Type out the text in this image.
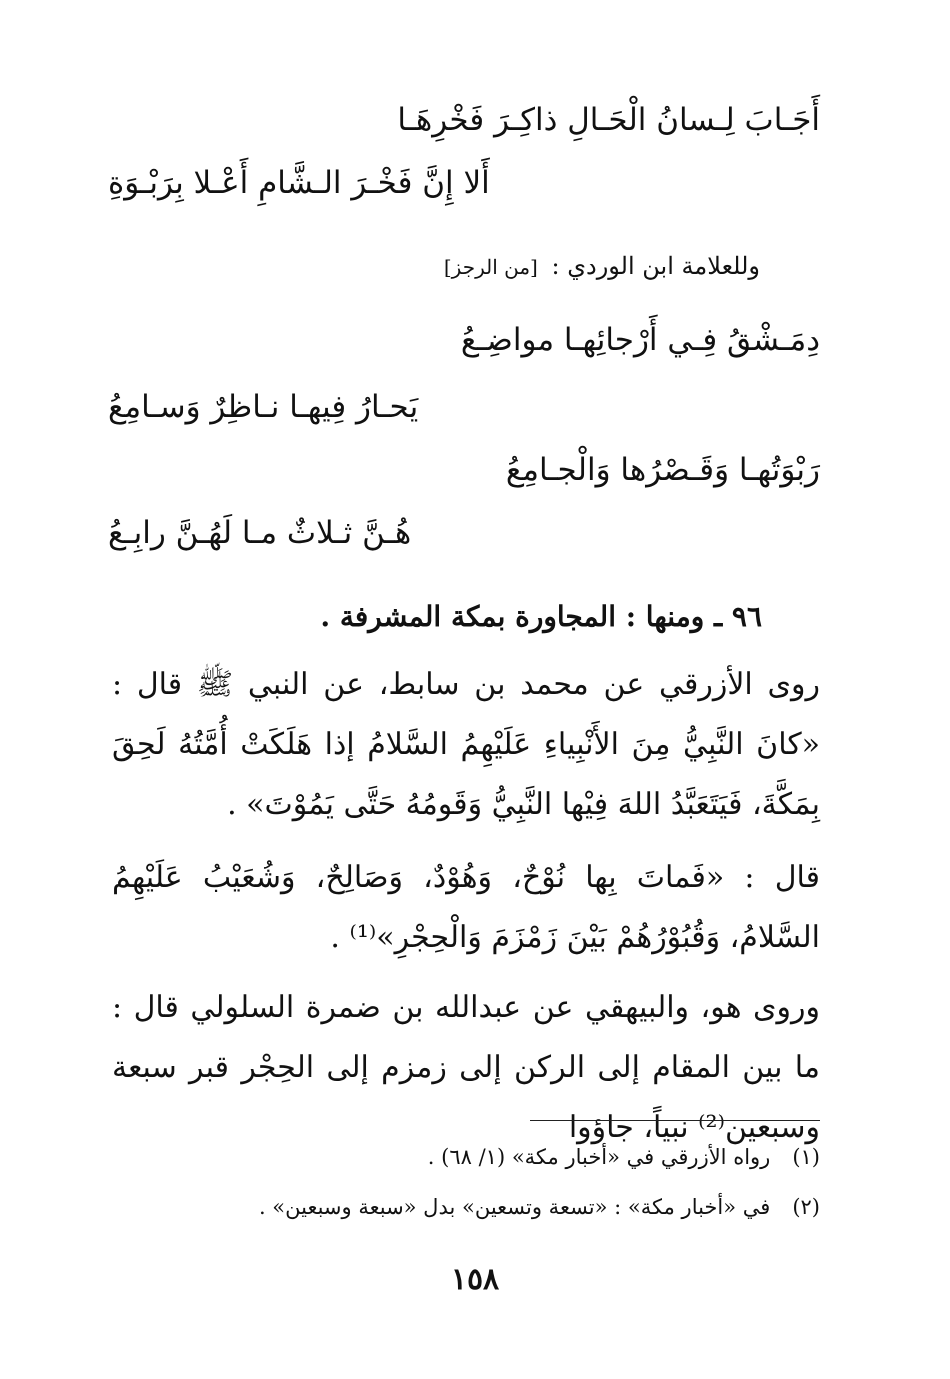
أَجَـابَ لِـسانُ الْحَـالِ ذاكِـرَ فَخْرِهَـا
أَلا إِنَّ فَخْـرَ الـشَّامِ أَعْـلا بِرَبْـوَةِ
وللعلامة ابن الوردي : [من الرجز]
دِمَـشْقُ فِـي أَرْجائِهـا مواضِـعُ
يَحـارُ فِيهـا نـاظِرٌ وَسـامِعُ
رَبْوَتُهـا وَقَـصْرُها وَالْجـامِعُ
هُـنَّ ثـلاثٌ مـا لَهُـنَّ رابِـعُ
٩٦ ـ ومنها : المجاورة بمكة المشرفة .
روى الأزرقي عن محمد بن سابط، عن النبي ﷺ قال : «كانَ النَّبِيُّ مِنَ الأَنْبِياءِ عَلَيْهِمُ السَّلامُ إذا هَلَكَتْ أُمَّتُهُ لَحِقَ بِمَكَّةَ، فَيَتَعَبَّدُ اللهَ فِيْها النَّبِيُّ وَقَومُهُ حَتَّى يَمُوْتَ» .
قال : «فَماتَ بِها نُوْحٌ، وَهُوْدٌ، وَصَالِحٌ، وَشُعَيْبُ عَلَيْهِمُ السَّلامُ، وَقُبُوْرُهُمْ بَيْنَ زَمْزَمَ وَالْحِجْرِ»⁽¹⁾ .
وروى هو، والبيهقي عن عبدالله بن ضمرة السلولي قال : ما بين المقام إلى الركن إلى زمزم إلى الحِجْر قبر سبعة وسبعين⁽²⁾ نبياً، جاؤوا
(١)رواه الأزرقي في «أخبار مكة» (١/ ٦٨) .
(٢)في «أخبار مكة» : «تسعة وتسعين» بدل «سبعة وسبعين» .
١٥٨
